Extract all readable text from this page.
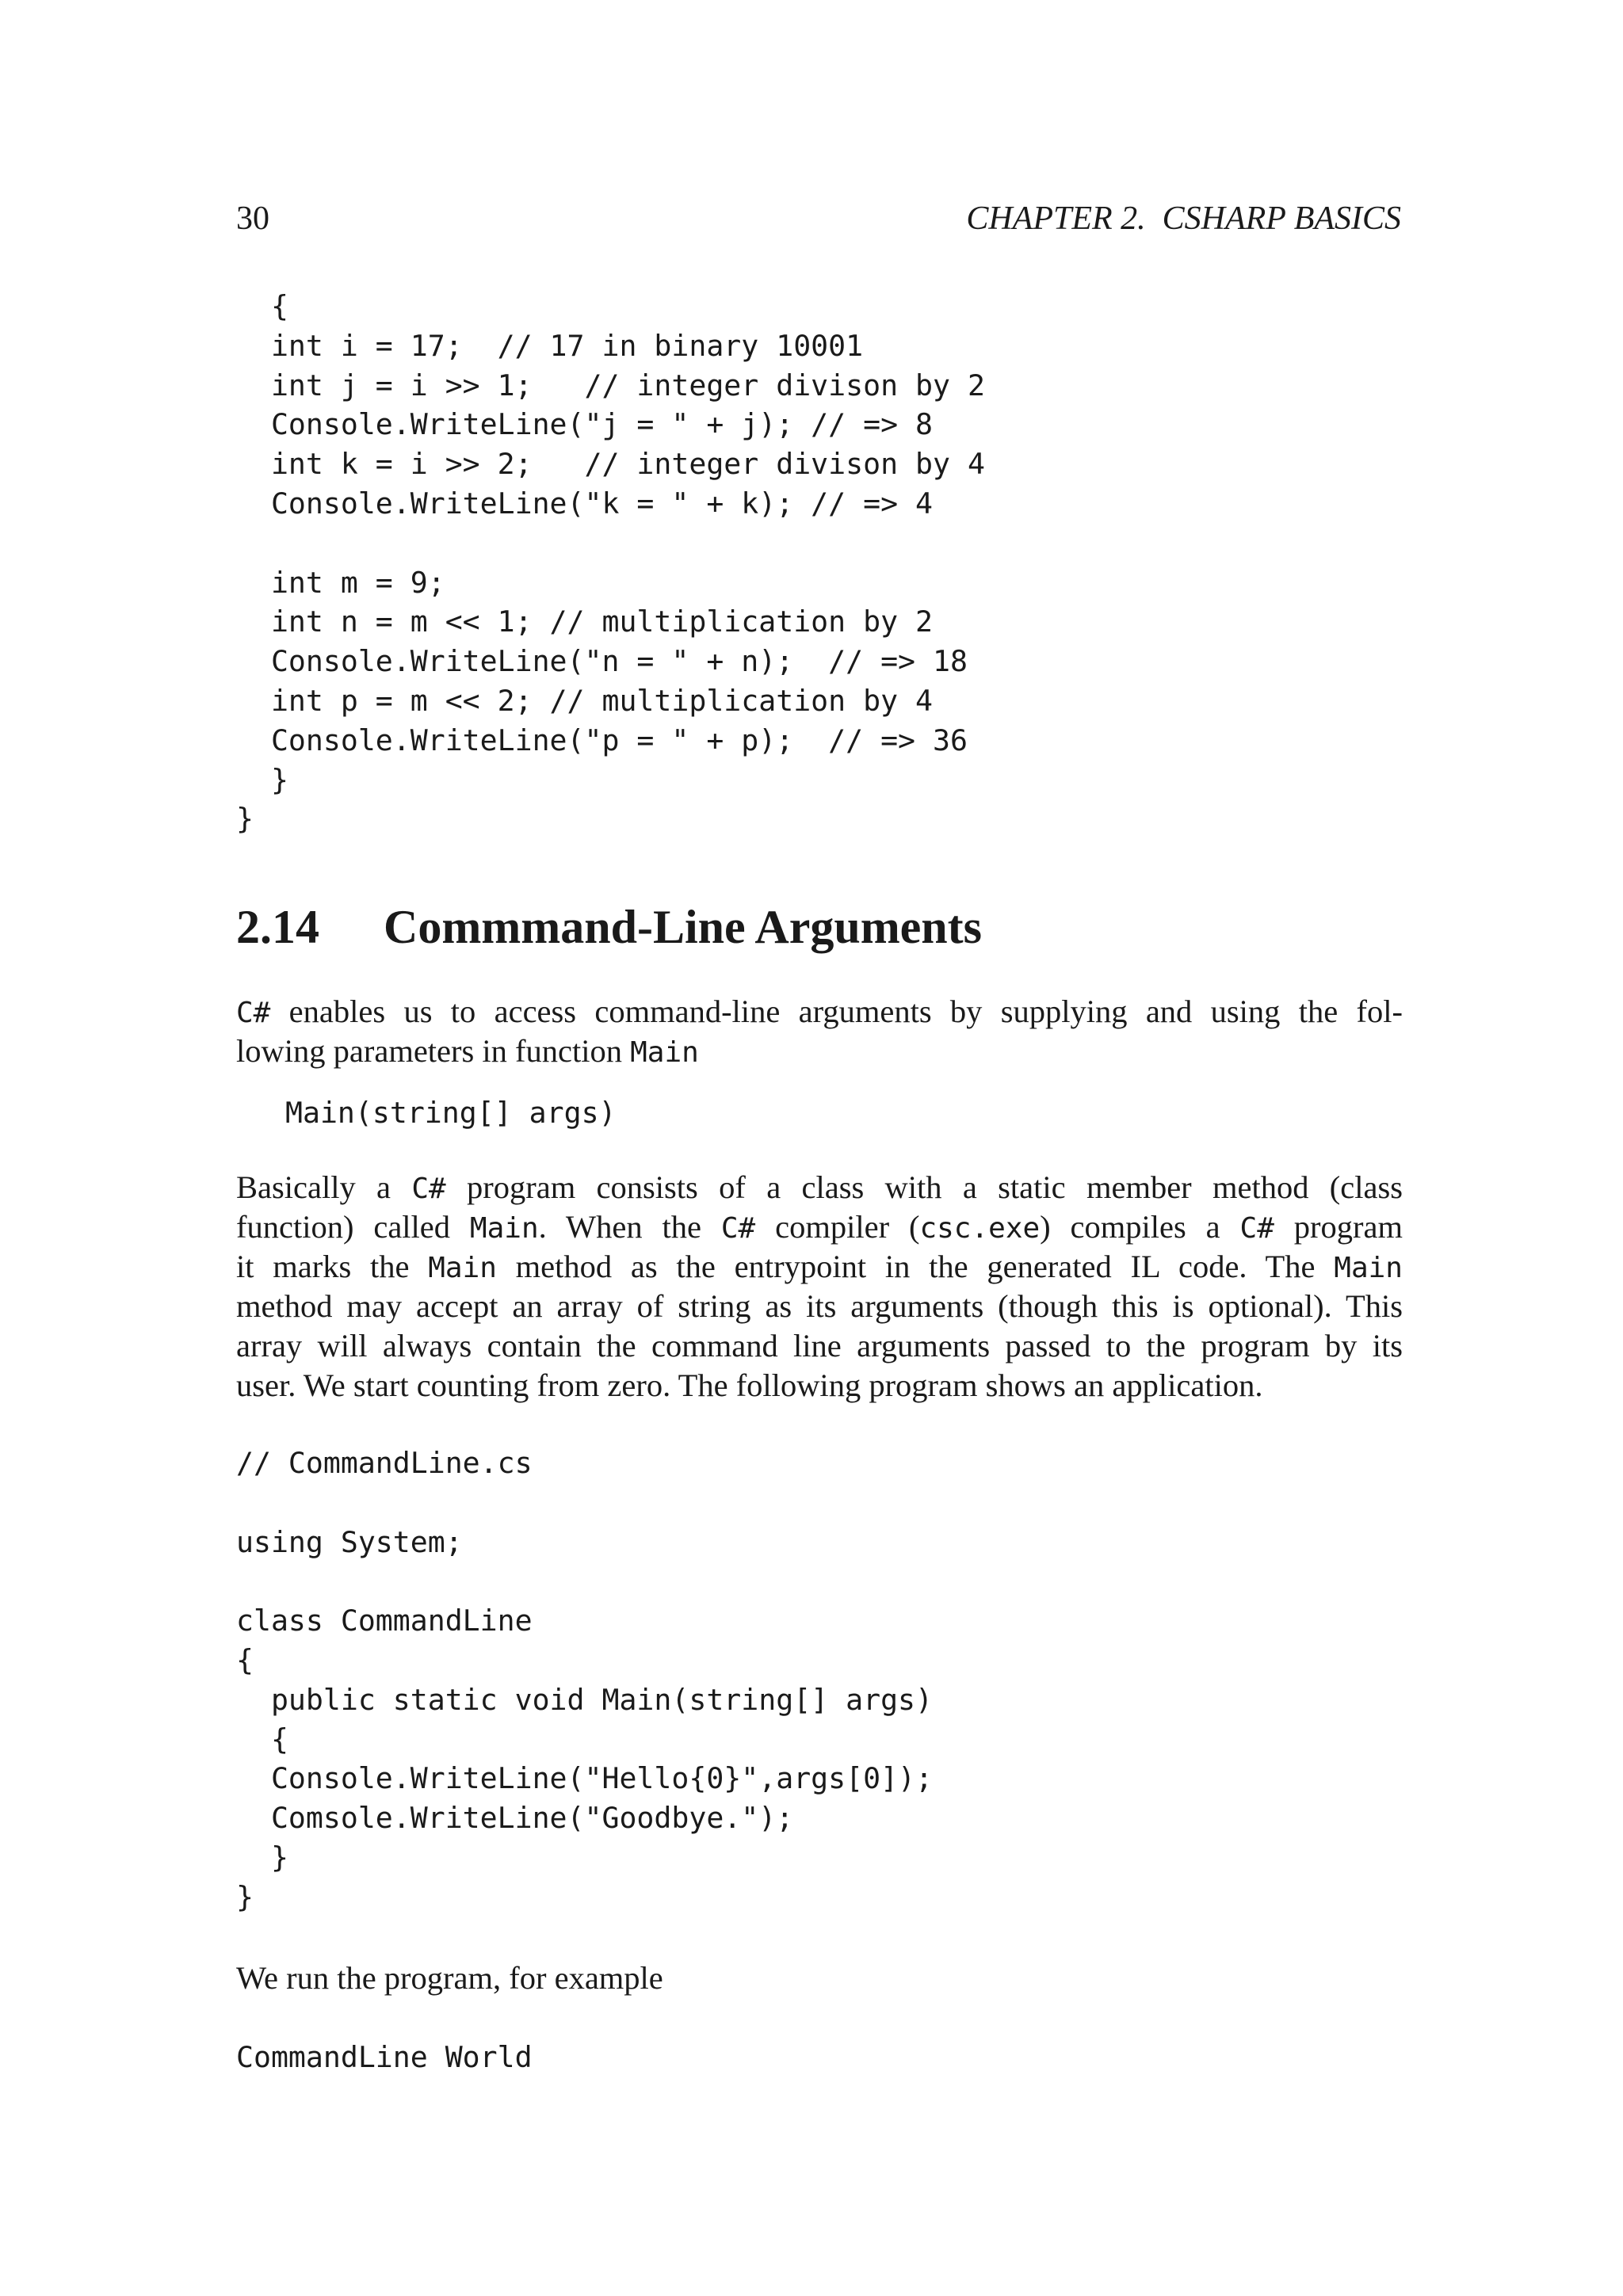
30	CHAPTER 2.  CSHARP BASICS

{
int i = 17;  // 17 in binary 10001
int j = i >> 1;   // integer divison by 2
Console.WriteLine("j = " + j); // => 8
int k = i >> 2;   // integer divison by 4
Console.WriteLine("k = " + k); // => 4
int m = 9;
int n = m << 1; // multiplication by 2
Console.WriteLine("n = " + n);  // => 18
int p = m << 2; // multiplication by 4
Console.WriteLine("p = " + p);  // => 36
}
}
2.14 Commmand-Line Arguments
C# enables us to access command-line arguments by supplying and using the fol-
lowing parameters in function Main
Main(string[] args)
Basically a C# program consists of a class with a static member method (class
function) called Main. When the C# compiler (csc.exe) compiles a C# program
it marks the Main method as the entrypoint in the generated IL code. The Main
method may accept an array of string as its arguments (though this is optional). This
array will always contain the command line arguments passed to the program by its
user. We start counting from zero. The following program shows an application.
// CommandLine.cs
using System;
class CommandLine
{
public static void Main(string[] args)
{
Console.WriteLine("Hello{0}",args[0]);
Comsole.WriteLine("Goodbye.");
}
}
We run the program, for example
CommandLine World
